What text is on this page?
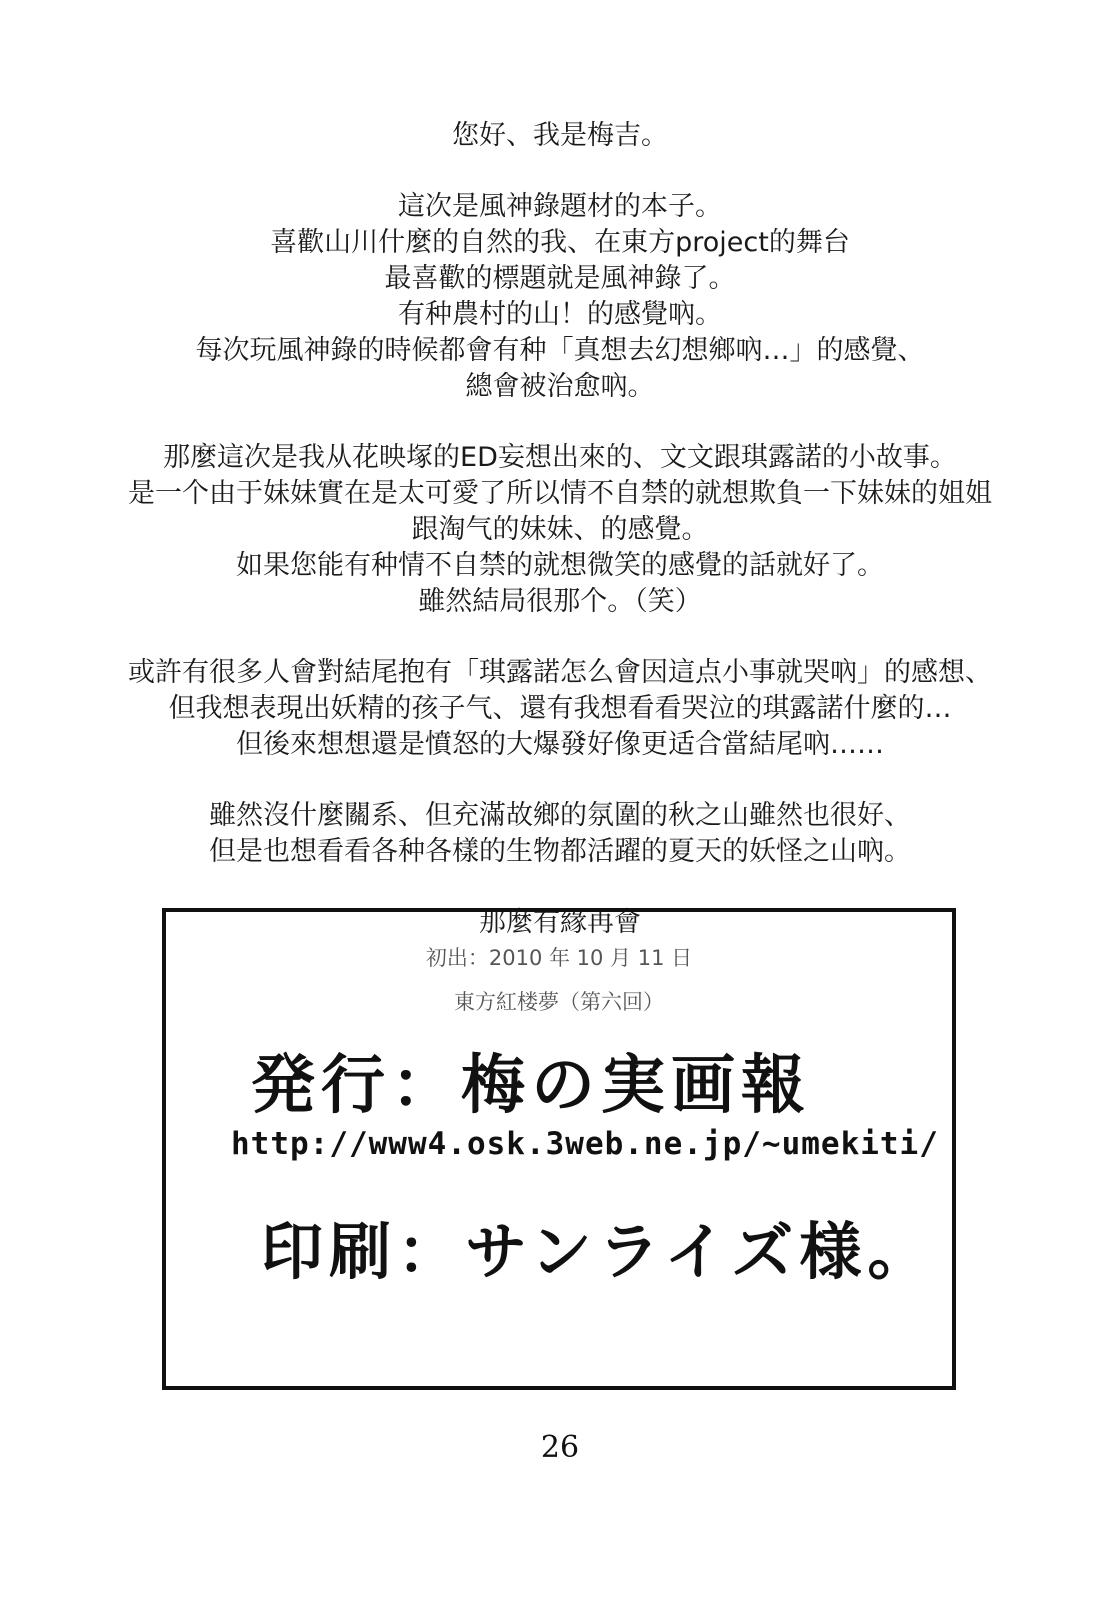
您好、我是梅吉。
這次是風神錄題材的本子。
喜歡山川什麼的自然的我、在東方project的舞台
最喜歡的標題就是風神錄了。
有种農村的山！的感覺吶。
每次玩風神錄的時候都會有种「真想去幻想鄉吶…」的感覺、
總會被治愈吶。
那麼這次是我从花映塚的ED妄想出來的、文文跟琪露諾的小故事。
是一个由于妹妹實在是太可愛了所以情不自禁的就想欺負一下妹妹的姐姐
跟淘气的妹妹、的感覺。
如果您能有种情不自禁的就想微笑的感覺的話就好了。
雖然結局很那个。（笑）
或許有很多人會對結尾抱有「琪露諾怎么會因這点小事就哭吶」的感想、
但我想表現出妖精的孩子气、還有我想看看哭泣的琪露諾什麼的…
但後來想想還是憤怒的大爆發好像更适合當結尾吶……
雖然沒什麼關系、但充滿故鄉的氛圍的秋之山雖然也很好、
但是也想看看各种各樣的生物都活躍的夏天的妖怪之山吶。
那麼有緣再會
初出：2010 年 10 月 11 日
東方紅楼夢（第六回）
発行：梅の実画報
http://www4.osk.3web.ne.jp/~umekiti/
印刷：サンライズ様。
26
